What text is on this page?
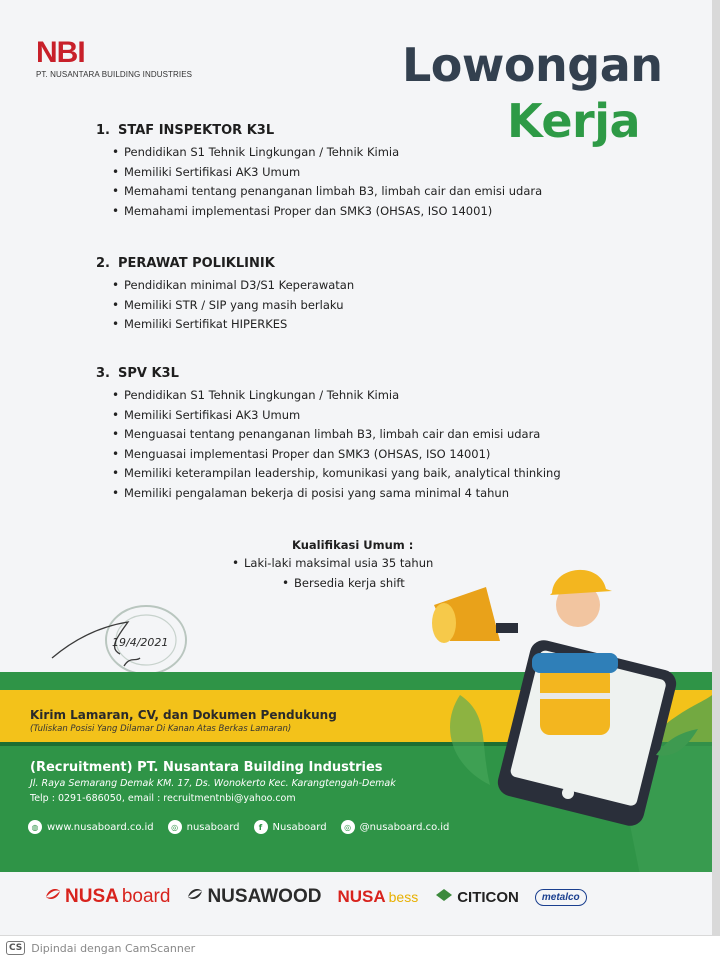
NBI
PT. NUSANTARA BUILDING INDUSTRIES	Lowongan
Kerja
1. STAF INSPEKTOR K3L
• Pendidikan S1 Tehnik Lingkungan / Tehnik Kimia
• Memiliki Sertifikasi AK3 Umum
• Memahami tentang penanganan limbah B3, limbah cair dan emisi udara
• Memahami implementasi Proper dan SMK3 (OHSAS, ISO 14001)
2. PERAWAT POLIKLINIK
• Pendidikan minimal D3/S1 Keperawatan
• Memiliki STR / SIP yang masih berlaku
• Memiliki Sertifikat HIPERKES
3. SPV K3L
• Pendidikan S1 Tehnik Lingkungan / Tehnik Kimia
• Memiliki Sertifikasi AK3 Umum
• Menguasai tentang penanganan limbah B3, limbah cair dan emisi udara
• Menguasai implementasi Proper dan SMK3 (OHSAS, ISO 14001)
• Memiliki keterampilan leadership, komunikasi yang baik, analytical thinking
• Memiliki pengalaman bekerja di posisi yang sama minimal 4 tahun
Kualifikasi Umum :
• Laki-laki maksimal usia 35 tahun
• Bersedia kerja shift
19/4/2021
Kirim Lamaran, CV, dan Dokumen Pendukung
(Tuliskan Posisi Yang Dilamar Di Kanan Atas Berkas Lamaran)
(Recruitment) PT. Nusantara Building Industries
Jl. Raya Semarang Demak KM. 17, Ds. Wonokerto Kec. Karangtengah-Demak
Telp : 0291-686050, email : recruitmentnbi@yahoo.com
◍ www.nusaboard.co.id	◎ nusaboard	f	Nusaboard	◎ @nusaboard.co.id
NUSA board NUSAWOOD NUSA bess	CITICON	metalco
CS Dipindai dengan CamScanner
